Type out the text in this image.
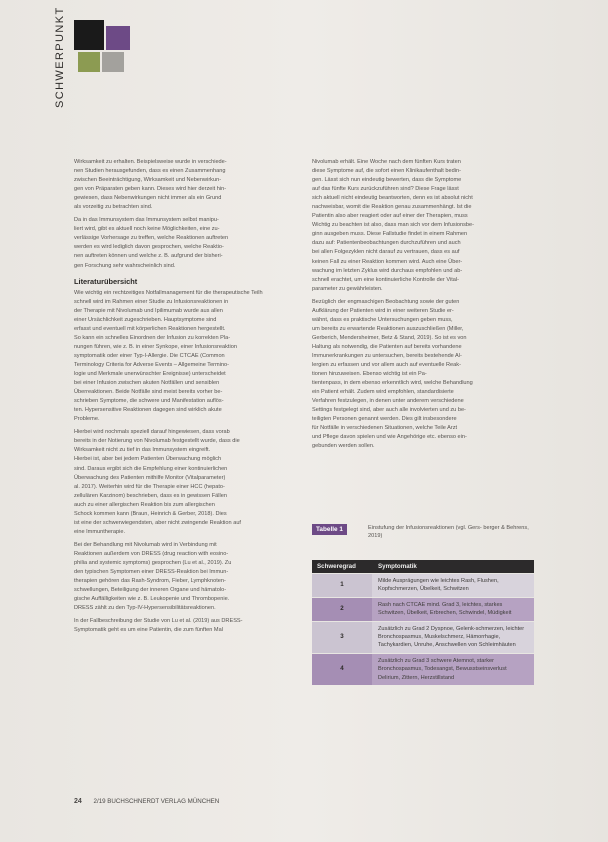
SCHWERPUNKT

Wirksamkeit zu erhalten. Beispielsweise wurde in verschiede-
nen Studien herausgefunden, dass es einen Zusammenhang
zwischen Beeinträchtigung, Wirksamkeit und Nebenwirkun-
gen von Präparaten geben kann. Dieses wird hier derzeit hin-
gewiesen, dass Nebenwirkungen nicht immer als ein Grund
als vorzeitig zu betrachten sind.

Da in das Immunsystem das Immunsystem selbst manipu-
liert wird, gibt es aktuell noch keine Möglichkeiten, eine zu-
verlässige Vorhersage zu treffen, welche Reaktionen auftreten
werden es wird lediglich davon gesprochen, welche Reaktio-
nen auftreten können und welche z. B. aufgrund der bisheri-
gen Forschung sehr wahrscheinlich sind.

Literaturübersicht

Wie wichtig ein rechtzeitiges Notfallmanagement für die therapeutische Teilh
schnell wird im Rahmen einer Studie zu Infusionsreaktionen in
der Therapie mit Nivolumab und Ipilimumab wurde aus allen
einer Ursächlichkeit zugeschrieben. Hauptsymptome sind
erfasst und eventuell mit körperlichen Reaktionen hergestellt.
So kann ein schnelles Einordnen der Infusion zu korrekten Pla-
nungen führen, wie z. B. in einer Synkope, einer Infusionsreaktion
symptomatik oder einer Typ-I-Allergie. Die CTCAE (Common
Terminology Criteria for Adverse Events – Allgemeine Termino-
logie und Merkmale unerwünschter Ereignisse) unterscheidet
bei einer Infusion zwischen akuten Notfällen und sensiblen
Überreaktionen. Beide Notfälle sind meist bereits vorher be-
schrieben Symptome, die schwere und Manifestation auflös-
ten. Hypersensitive Reaktionen dagegen sind wirklich akute
Probleme.

Hierbei wird nochmals speziell darauf hingewiesen, dass vorab
bereits in der Notierung von Nivolumab festgestellt wurde, dass die
Wirksamkeit nicht zu tief in das Immunsystem eingreift.
Hierbei ist, aber bei jedem Patienten Überwachung möglich
sind. Daraus ergibt sich die Empfehlung einer kontinuierlichen
Überwachung des Patienten mithilfe Monitor (Vitalparameter)
al. 2017). Weiterhin wird für die Therapie einer HCC (hepato-
zellulären Karzinom) beschrieben, dass es in gewissen Fällen
auch zu einer allergischen Reaktion bis zum allergischen
Schock kommen kann (Braun, Heinrich & Gerber, 2018). Dies
ist eine der schwerwiegendsten, aber nicht zwingende Reaktion auf
eine Immuntherapie.

Bei der Behandlung mit Nivolumab wird in Verbindung mit
Reaktionen außerdem von DRESS (drug reaction with eosino-
philia and systemic symptoms) gesprochen (Lu et al., 2019). Zu
den typischen Symptomen einer DRESS-Reaktion bei Immun-
therapien gehören das Rash-Syndrom, Fieber, Lymphknoten-
schwellungen, Beteiligung der inneren Organe und hämatolo-
gische Auffälligkeiten wie z. B. Leukopenie und Thrombopenie.
DRESS zählt zu den Typ-IV-Hypersensibilitätsreaktionen.

In der Fallbeschreibung der Studie von Lu et al. (2019) aus DRESS-
Symptomatik geht es um eine Patientin, die zum fünften Mal

Nivolumab erhält. Eine Woche nach dem fünften Kurs traten
diese Symptome auf, die sofort einen Klinikaufenthalt bedin-
gen. Lässt sich nun eindeutig bewerten, dass die Symptome
auf das fünfte Kurs zurückzuführen sind? Diese Frage lässt
sich aktuell nicht eindeutig beantworten, denn es ist absolut nicht
nachweisbar, womit die Reaktion genau zusammenhängt. Ist die
Patientin also aber reagiert oder auf einer der Therapien, muss
Wichtig zu beachten ist also, dass man sich vor dem Infusionsbe-
ginn ausgeben muss. Diese Fallstudie findet in einem Rahmen
dazu auf: Patientenbeobachtungen durchzuführen und auch
bei allen Folgezyklen nicht darauf zu vertrauen, dass es auf
keinen Fall zu einer Reaktion kommen wird. Auch eine Über-
wachung im letzten Zyklus wird durchaus empfohlen und ab-
schnell erachtet, um eine kontinuierliche Kontrolle der Vital-
parameter zu gewährleisten.

Bezüglich der engmaschigen Beobachtung sowie der guten
Aufklärung der Patienten wird in einer weiteren Studie er-
wähnt, dass es praktische Untersuchungen geben muss,
um bereits zu erwartende Reaktionen auszuschließen (Miller,
Gerberich, Mendersheimer, Betz & Stand, 2019). So ist es von
Haltung als notwendig, die Patienten auf bereits vorhandene
Immunerkrankungen zu untersuchen, bereits bestehende Al-
lergien zu erfassen und vor allem auch auf eventuelle Reak-
tionen hinzuweisen. Ebenso wichtig ist ein Pa-
tientenpass, in dem ebenso erkenntlich wird, welche Behandlung
ein Patient erhält. Zudem wird empfohlen, standardisierte
Verfahren festzulegen, in denen unter anderem verschiedene
Settings festgelegt sind, aber auch alle involvierten und zu be-
teiligten Personen genannt werden. Dies gilt insbesondere
für Notfälle in verschiedenen Situationen, welche Teile Arzt
und Pflege davon spielen und wie Angehörige etc. ebenso ein-
gebunden werden sollen.

Tabelle 1	Einstufung der Infusionsreaktionen (vgl. Gers- berger & Behrens, 2019)
Schweregrad	Symptomatik
1
Milde Ausprägungen wie leichtes Rash, Flushen, Kopfschmerzen, Übelkeit, Schwitzen
2
Rash nach CTCAE mind. Grad 3, leichtes, starkes Schwitzen, Übelkeit, Erbrechen, Schwindel, Müdigkeit
3
Zusätzlich zu Grad 2 Dyspnoe, Gelenk-schmerzen, leichter Bronchospasmus, Muskelschmerz, Hämorrhagie, Tachykardien, Unruhe, Anschwellen von Schleimhäuten
4
Zusätzlich zu Grad 3 schwere Atemnot, starker Bronchospasmus, Todesangst, Bewusstseinsverlust Delirium, Zittern, Herzstillstand
24 2/19 BUCHSCHNERDT VERLAG MÜNCHEN
